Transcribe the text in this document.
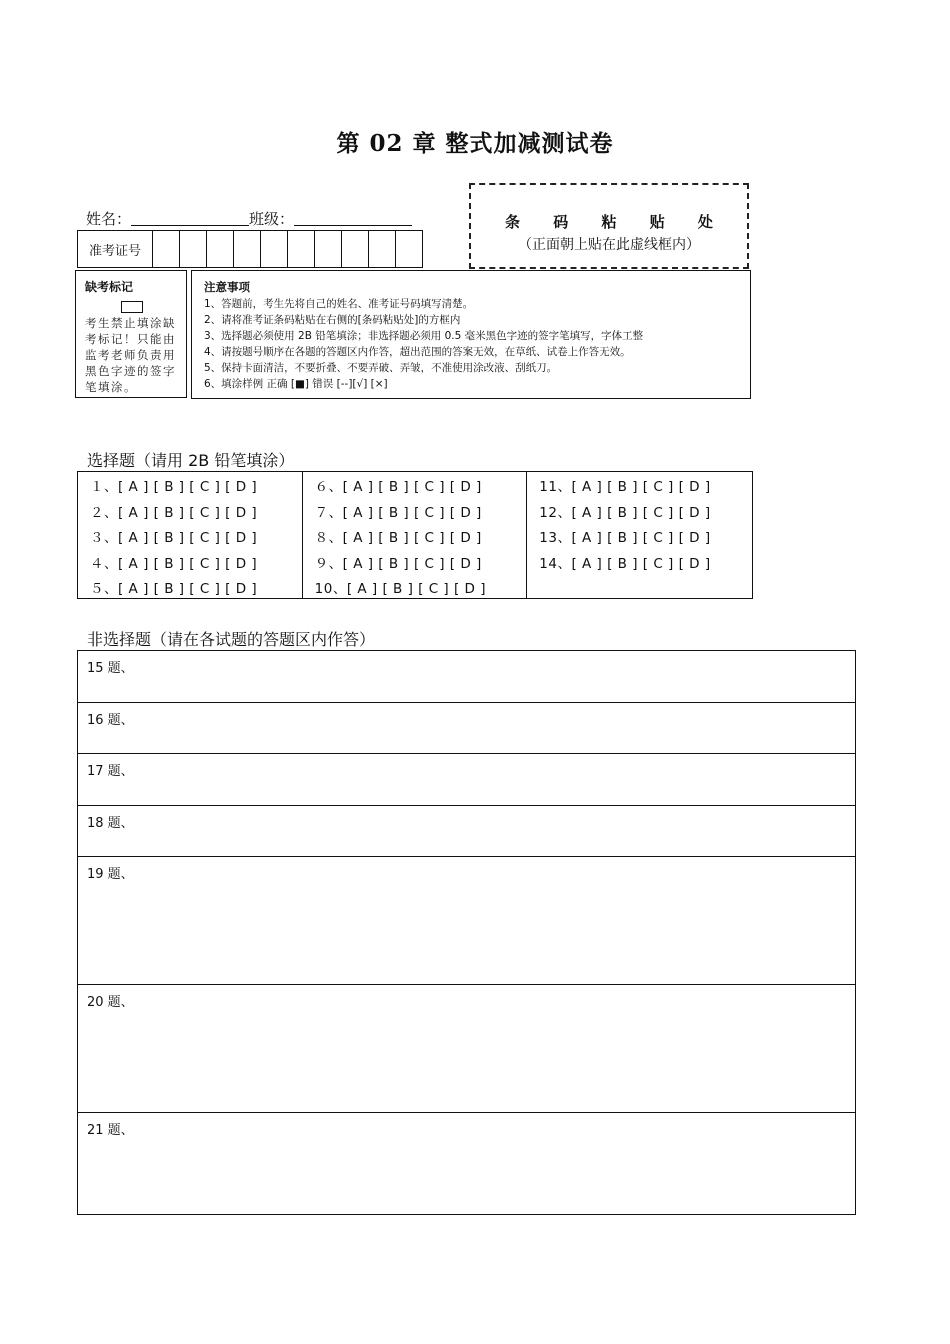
第 02 章 整式加减测试卷
姓名：	班级：
准考证号
条 码 粘 贴 处
（正面朝上贴在此虚线框内）
缺考标记
考生禁止填涂缺考标记！只能由监考老师负责用黑色字迹的签字笔填涂。
注意事项
1、答题前，考生先将自己的姓名、准考证号码填写清楚。
2、请将准考证条码粘贴在右侧的[条码粘贴处]的方框内
3、选择题必须使用 2B 铅笔填涂；非选择题必须用 0.5 毫米黑色字迹的签字笔填写，字体工整
4、请按题号顺序在各题的答题区内作答，超出范围的答案无效，在草纸、试卷上作答无效。
5、保持卡面清洁，不要折叠、不要弄破、弄皱，不准使用涂改液、刮纸刀。
6、填涂样例 正确 [■] 错误 [--][√] [×]
选择题（请用 2B 铅笔填涂）
１、[ A ] [ B ] [ C ] [ D ]
２、[ A ] [ B ] [ C ] [ D ]
３、[ A ] [ B ] [ C ] [ D ]
４、[ A ] [ B ] [ C ] [ D ]
５、[ A ] [ B ] [ C ] [ D ]
６、[ A ] [ B ] [ C ] [ D ]
７、[ A ] [ B ] [ C ] [ D ]
８、[ A ] [ B ] [ C ] [ D ]
９、[ A ] [ B ] [ C ] [ D ]
10、[ A ] [ B ] [ C ] [ D ]
11、[ A ] [ B ] [ C ] [ D ]
12、[ A ] [ B ] [ C ] [ D ]
13、[ A ] [ B ] [ C ] [ D ]
14、[ A ] [ B ] [ C ] [ D ]
非选择题（请在各试题的答题区内作答）
15 题、
16 题、
17 题、
18 题、
19 题、
20 题、
21 题、
